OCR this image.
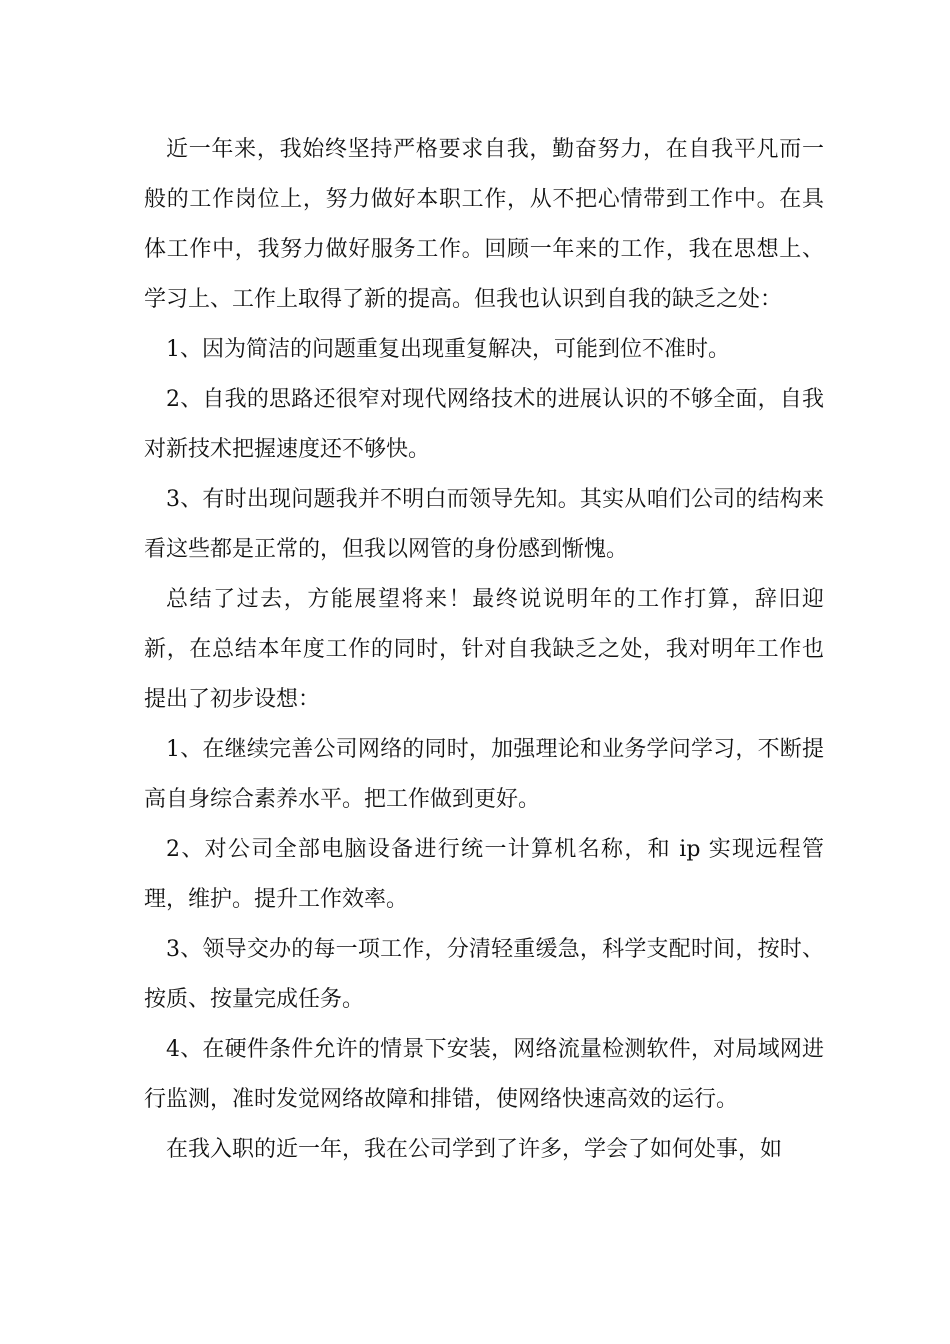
近一年来，我始终坚持严格要求自我，勤奋努力，在自我平凡而一般的工作岗位上，努力做好本职工作，从不把心情带到工作中。在具体工作中，我努力做好服务工作。回顾一年来的工作，我在思想上、学习上、工作上取得了新的提高。但我也认识到自我的缺乏之处：

1、因为简洁的问题重复出现重复解决，可能到位不准时。

2、自我的思路还很窄对现代网络技术的进展认识的不够全面，自我对新技术把握速度还不够快。

3、有时出现问题我并不明白而领导先知。其实从咱们公司的结构来看这些都是正常的，但我以网管的身份感到惭愧。

总结了过去，方能展望将来！最终说说明年的工作打算，辞旧迎新，在总结本年度工作的同时，针对自我缺乏之处，我对明年工作也提出了初步设想：

1、在继续完善公司网络的同时，加强理论和业务学问学习，不断提高自身综合素养水平。把工作做到更好。

2、对公司全部电脑设备进行统一计算机名称，和 ip 实现远程管理，维护。提升工作效率。

3、领导交办的每一项工作，分清轻重缓急，科学支配时间，按时、按质、按量完成任务。

4、在硬件条件允许的情景下安装，网络流量检测软件，对局域网进行监测，准时发觉网络故障和排错，使网络快速高效的运行。

在我入职的近一年，我在公司学到了许多，学会了如何处事，如
